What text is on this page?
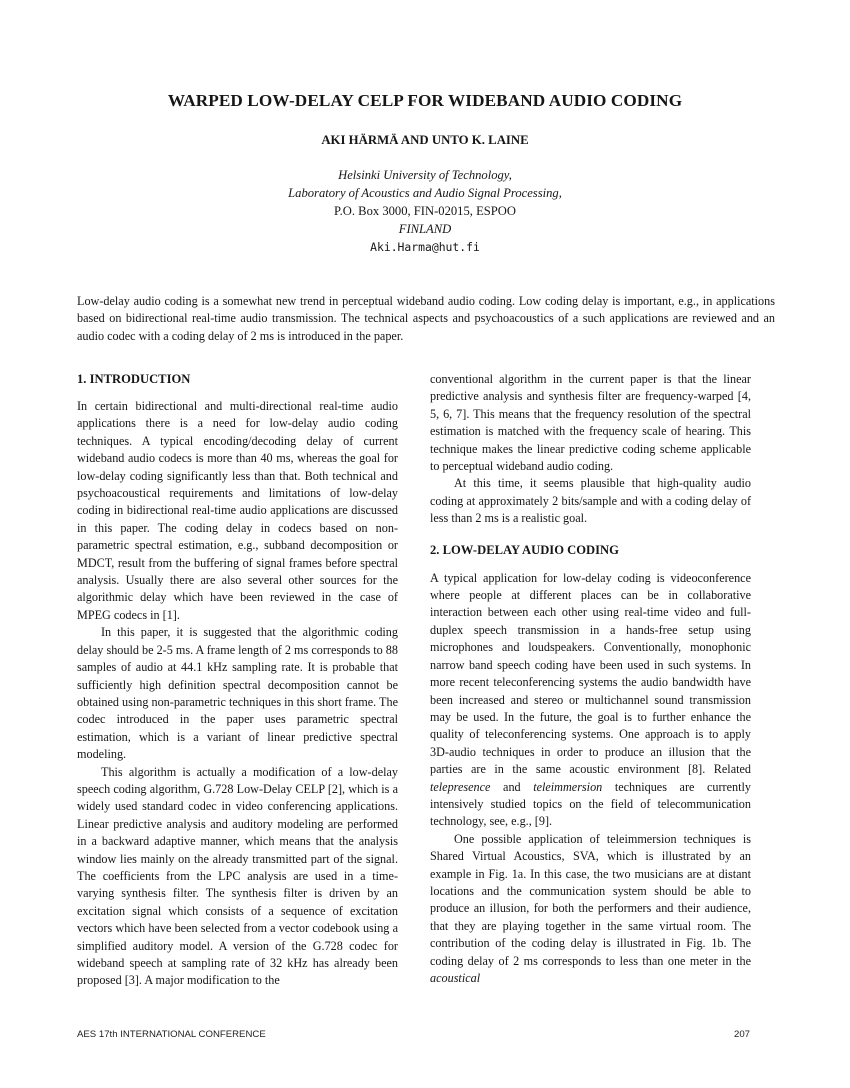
WARPED LOW-DELAY CELP FOR WIDEBAND AUDIO CODING
AKI HÄRMÄ AND UNTO K. LAINE
Helsinki University of Technology,
Laboratory of Acoustics and Audio Signal Processing,
P.O. Box 3000, FIN-02015, ESPOO
FINLAND
Aki.Harma@hut.fi
Low-delay audio coding is a somewhat new trend in perceptual wideband audio coding. Low coding delay is important, e.g., in applications based on bidirectional real-time audio transmission. The technical aspects and psychoacoustics of a such applications are reviewed and an audio codec with a coding delay of 2 ms is introduced in the paper.
1. INTRODUCTION

In certain bidirectional and multi-directional real-time audio applications there is a need for low-delay audio coding techniques. A typical encoding/decoding delay of current wideband audio codecs is more than 40 ms, whereas the goal for low-delay coding significantly less than that. Both technical and psychoacoustical requirements and limitations of low-delay coding in bidirectional real-time audio applications are discussed in this paper. The coding delay in codecs based on non-parametric spectral estimation, e.g., subband decomposition or MDCT, result from the buffering of signal frames before spectral analysis. Usually there are also several other sources for the algorithmic delay which have been reviewed in the case of MPEG codecs in [1].

In this paper, it is suggested that the algorithmic coding delay should be 2-5 ms. A frame length of 2 ms corresponds to 88 samples of audio at 44.1 kHz sampling rate. It is probable that sufficiently high definition spectral decomposition cannot be obtained using non-parametric techniques in this short frame. The codec introduced in the paper uses parametric spectral estimation, which is a variant of linear predictive spectral modeling.

This algorithm is actually a modification of a low-delay speech coding algorithm, G.728 Low-Delay CELP [2], which is a widely used standard codec in video conferencing applications. Linear predictive analysis and auditory modeling are performed in a backward adaptive manner, which means that the analysis window lies mainly on the already transmitted part of the signal. The coefficients from the LPC analysis are used in a time-varying synthesis filter. The synthesis filter is driven by an excitation signal which consists of a sequence of excitation vectors which have been selected from a vector codebook using a simplified auditory model. A version of the G.728 codec for wideband speech at sampling rate of 32 kHz has already been proposed [3]. A major modification to the

conventional algorithm in the current paper is that the linear predictive analysis and synthesis filter are frequency-warped [4, 5, 6, 7]. This means that the frequency resolution of the spectral estimation is matched with the frequency scale of hearing. This technique makes the linear predictive coding scheme applicable to perceptual wideband audio coding.

At this time, it seems plausible that high-quality audio coding at approximately 2 bits/sample and with a coding delay of less than 2 ms is a realistic goal.

2. LOW-DELAY AUDIO CODING

A typical application for low-delay coding is videoconference where people at different places can be in collaborative interaction between each other using real-time video and full-duplex speech transmission in a hands-free setup using microphones and loudspeakers. Conventionally, monophonic narrow band speech coding have been used in such systems. In more recent teleconferencing systems the audio bandwidth have been increased and stereo or multichannel sound transmission may be used. In the future, the goal is to further enhance the quality of teleconferencing systems. One approach is to apply 3D-audio techniques in order to produce an illusion that the parties are in the same acoustic environment [8]. Related telepresence and teleimmersion techniques are currently intensively studied topics on the field of telecommunication technology, see, e.g., [9].

One possible application of teleimmersion techniques is Shared Virtual Acoustics, SVA, which is illustrated by an example in Fig. 1a. In this case, the two musicians are at distant locations and the communication system should be able to produce an illusion, for both the performers and their audience, that they are playing together in the same virtual room. The contribution of the coding delay is illustrated in Fig. 1b. The coding delay of 2 ms corresponds to less than one meter in the acoustical

AES 17th INTERNATIONAL CONFERENCE	207
